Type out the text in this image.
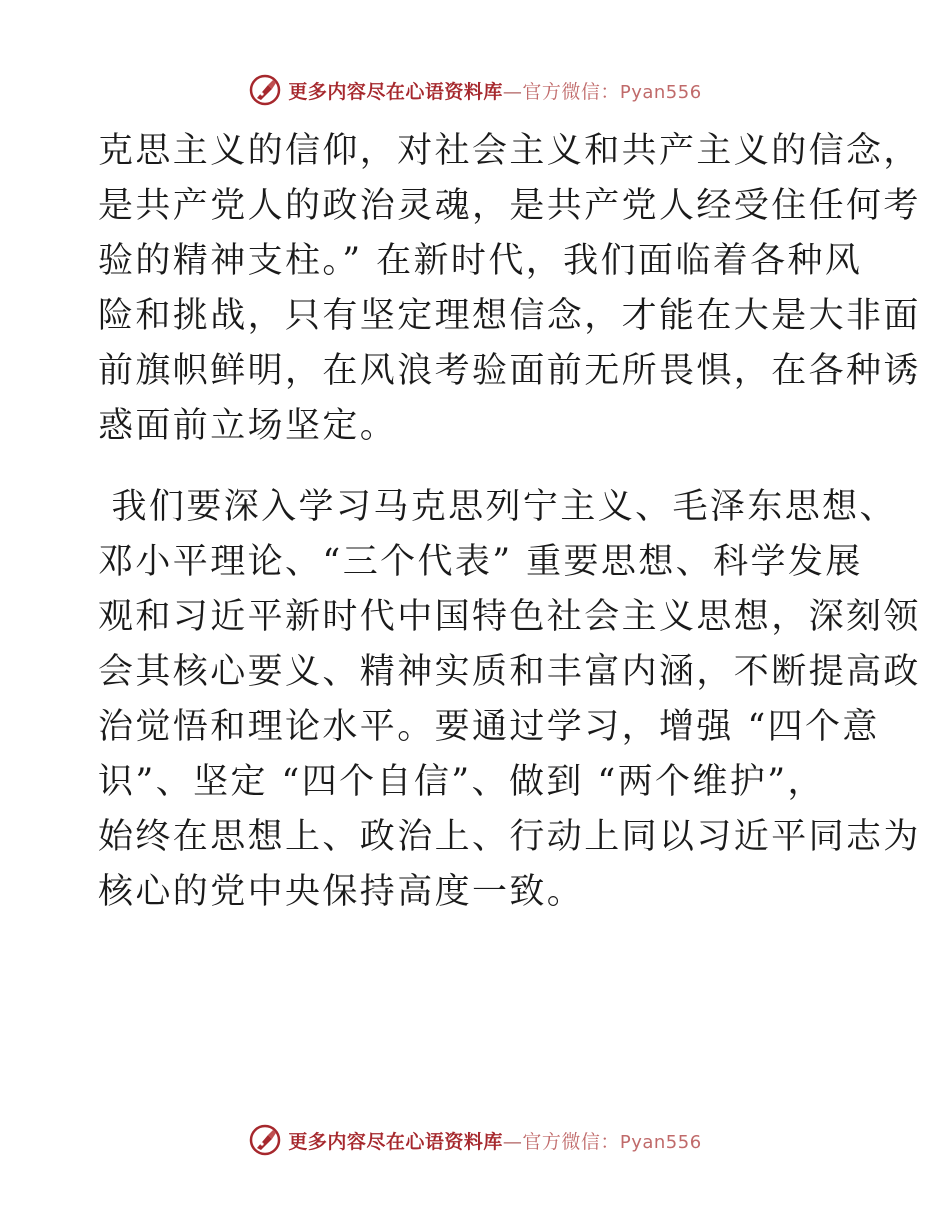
更多内容尽在心语资料库—官方微信：Pyan556
克思主义的信仰，对社会主义和共产主义的信念，
是共产党人的政治灵魂，是共产党人经受住任何考
验的精神支柱。” 在新时代，我们面临着各种风
险和挑战，只有坚定理想信念，才能在大是大非面
前旗帜鲜明，在风浪考验面前无所畏惧，在各种诱
惑面前立场坚定。
我们要深入学习马克思列宁主义、毛泽东思想、
邓小平理论、“三个代表” 重要思想、科学发展
观和习近平新时代中国特色社会主义思想，深刻领
会其核心要义、精神实质和丰富内涵，不断提高政
治觉悟和理论水平。要通过学习，增强 “四个意
识”、坚定 “四个自信”、做到 “两个维护”，
始终在思想上、政治上、行动上同以习近平同志为
核心的党中央保持高度一致。
更多内容尽在心语资料库—官方微信：Pyan556
